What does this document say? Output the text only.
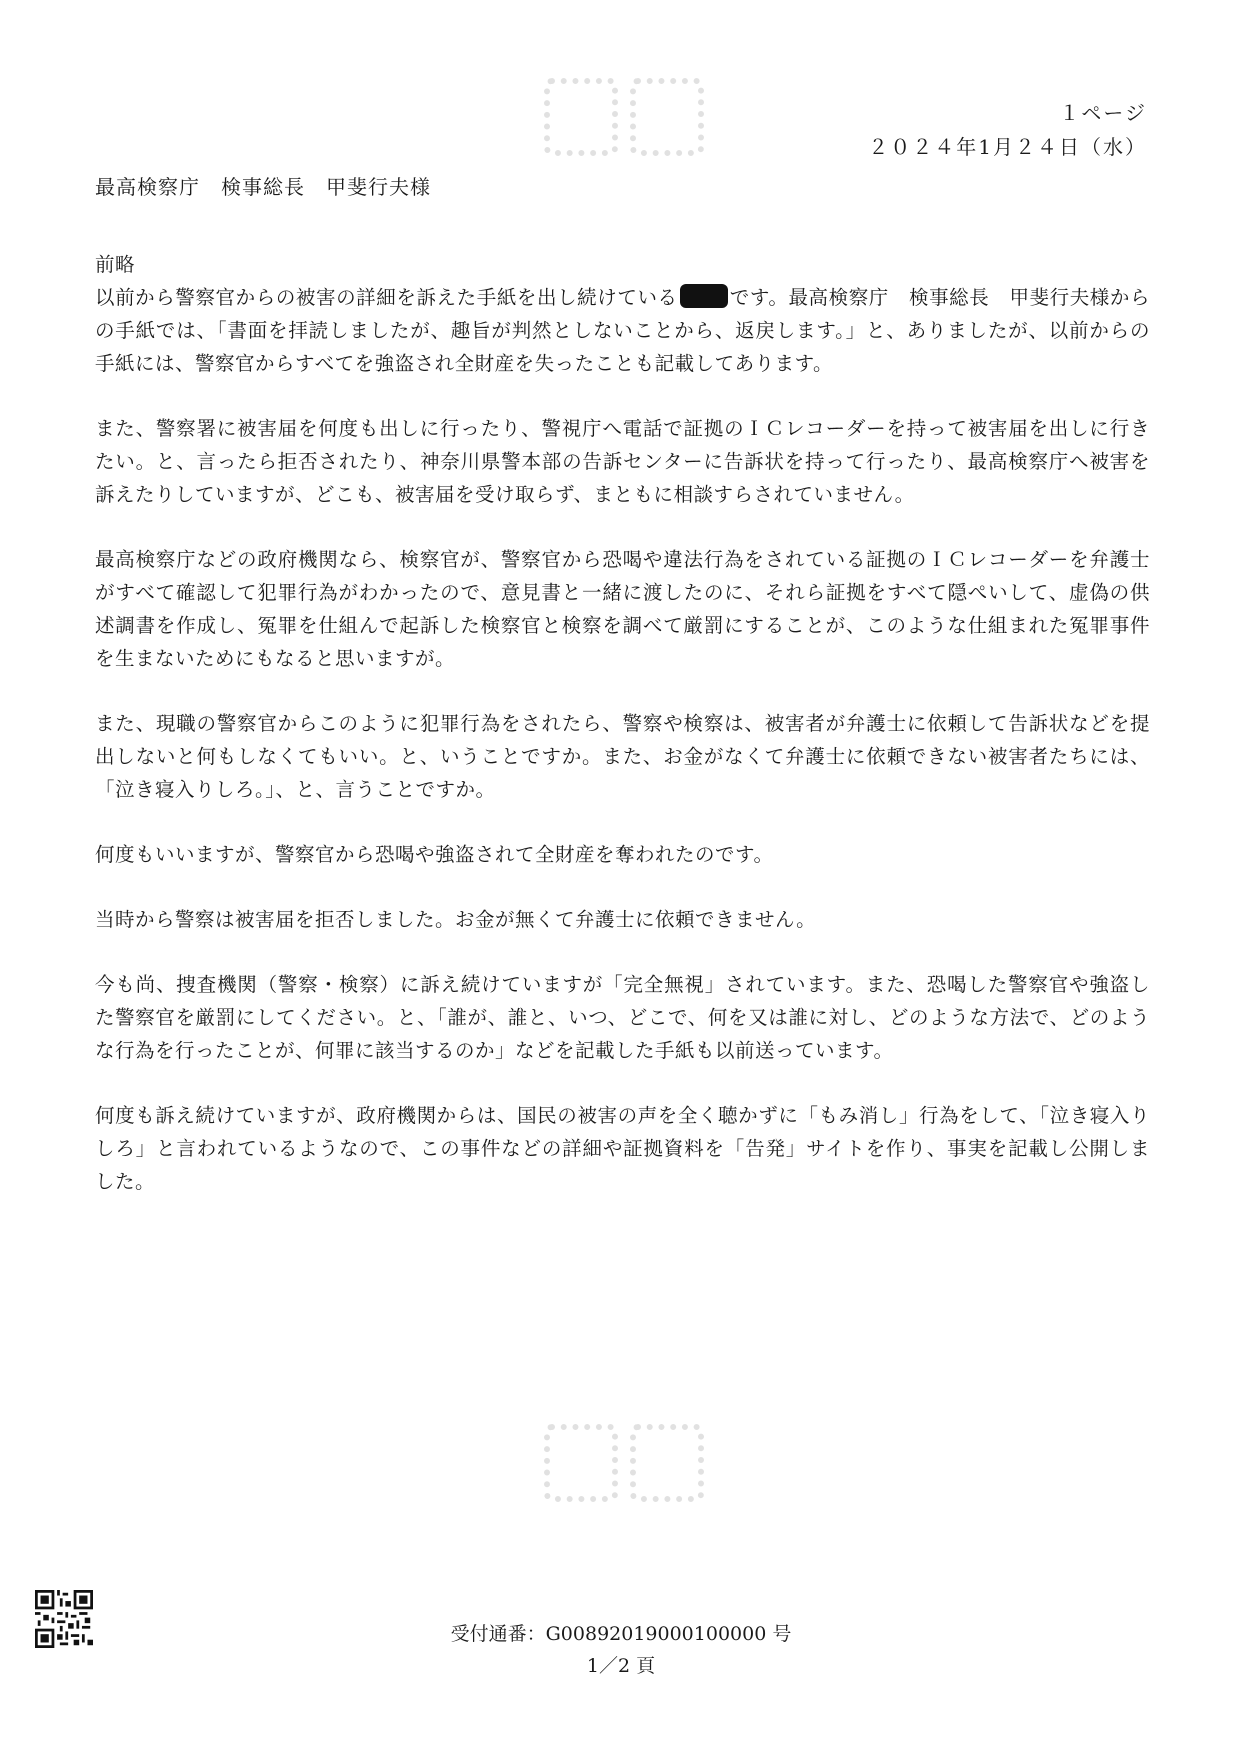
１ページ
２０２４年1月２４日（水）
最高検察庁　検事総長　甲斐行夫様

前略

以前から警察官からの被害の詳細を訴えた手紙を出し続けている	です。最高検察庁　検事総長　甲斐行夫様からの手紙では、「書面を拝読しましたが、趣旨が判然としないことから、返戻します。」と、ありましたが、以前からの手紙には、警察官からすべてを強盗され全財産を失ったことも記載してあります。

また、警察署に被害届を何度も出しに行ったり、警視庁へ電話で証拠のＩＣレコーダーを持って被害届を出しに行きたい。と、言ったら拒否されたり、神奈川県警本部の告訴センターに告訴状を持って行ったり、最高検察庁へ被害を訴えたりしていますが、どこも、被害届を受け取らず、まともに相談すらされていません。

最高検察庁などの政府機関なら、検察官が、警察官から恐喝や違法行為をされている証拠のＩＣレコーダーを弁護士がすべて確認して犯罪行為がわかったので、意見書と一緒に渡したのに、それら証拠をすべて隠ぺいして、虚偽の供述調書を作成し、冤罪を仕組んで起訴した検察官と検察を調べて厳罰にすることが、このような仕組まれた冤罪事件を生まないためにもなると思いますが。

また、現職の警察官からこのように犯罪行為をされたら、警察や検察は、被害者が弁護士に依頼して告訴状などを提出しないと何もしなくてもいい。と、いうことですか。また、お金がなくて弁護士に依頼できない被害者たちには、「泣き寝入りしろ。」、と、言うことですか。

何度もいいますが、警察官から恐喝や強盗されて全財産を奪われたのです。

当時から警察は被害届を拒否しました。お金が無くて弁護士に依頼できません。

今も尚、捜査機関（警察・検察）に訴え続けていますが「完全無視」されています。また、恐喝した警察官や強盗した警察官を厳罰にしてください。と、「誰が、誰と、いつ、どこで、何を又は誰に対し、どのような方法で、どのような行為を行ったことが、何罪に該当するのか」などを記載した手紙も以前送っています。

何度も訴え続けていますが、政府機関からは、国民の被害の声を全く聴かずに「もみ消し」行為をして、「泣き寝入りしろ」と言われているようなので、この事件などの詳細や証拠資料を「告発」サイトを作り、事実を記載し公開しました。

受付通番：G00892019000100000 号
1／2 頁
